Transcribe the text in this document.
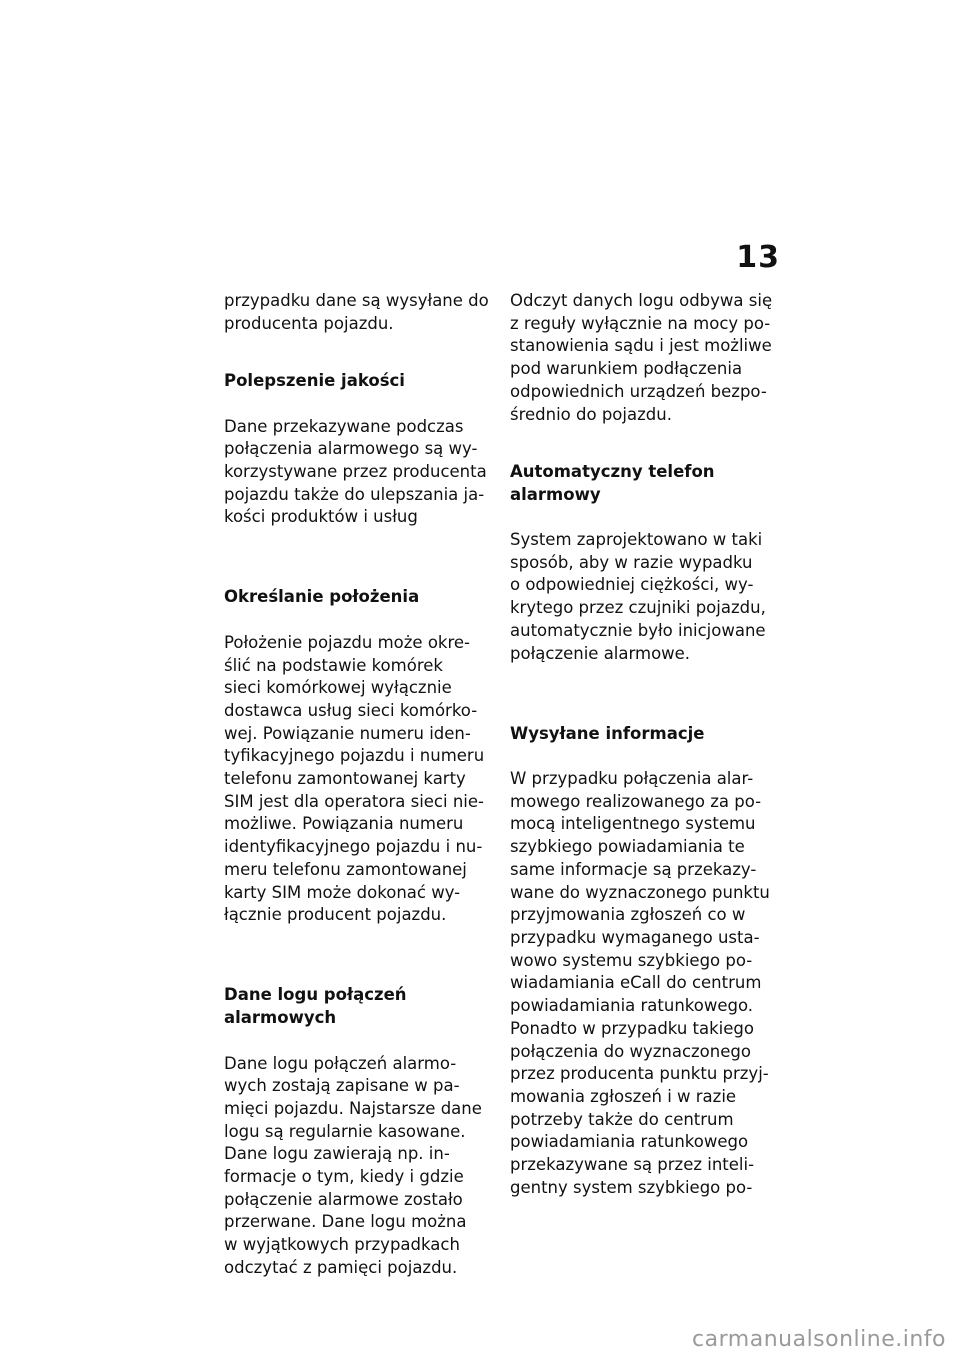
13

przypadku dane są wysyłane do
producenta pojazdu.

Polepszenie jakości

Dane przekazywane podczas
połączenia alarmowego są wy-
korzystywane przez producenta
pojazdu także do ulepszania ja-
kości produktów i usług

Określanie położenia

Położenie pojazdu może okre-
ślić na podstawie komórek
sieci komórkowej wyłącznie
dostawca usług sieci komórko-
wej. Powiązanie numeru iden-
tyfikacyjnego pojazdu i numeru
telefonu zamontowanej karty
SIM jest dla operatora sieci nie-
możliwe. Powiązania numeru
identyfikacyjnego pojazdu i nu-
meru telefonu zamontowanej
karty SIM może dokonać wy-
łącznie producent pojazdu.

Dane logu połączeń
alarmowych

Dane logu połączeń alarmo-
wych zostają zapisane w pa-
mięci pojazdu. Najstarsze dane
logu są regularnie kasowane.
Dane logu zawierają np. in-
formacje o tym, kiedy i gdzie
połączenie alarmowe zostało
przerwane. Dane logu można
w wyjątkowych przypadkach
odczytać z pamięci pojazdu.

Odczyt danych logu odbywa się
z reguły wyłącznie na mocy po-
stanowienia sądu i jest możliwe
pod warunkiem podłączenia
odpowiednich urządzeń bezpo-
średnio do pojazdu.

Automatyczny telefon
alarmowy

System zaprojektowano w taki
sposób, aby w razie wypadku
o odpowiedniej ciężkości, wy-
krytego przez czujniki pojazdu,
automatycznie było inicjowane
połączenie alarmowe.

Wysyłane informacje

W przypadku połączenia alar-
mowego realizowanego za po-
mocą inteligentnego systemu
szybkiego powiadamiania te
same informacje są przekazy-
wane do wyznaczonego punktu
przyjmowania zgłoszeń co w
przypadku wymaganego usta-
wowo systemu szybkiego po-
wiadamiania eCall do centrum
powiadamiania ratunkowego.
Ponadto w przypadku takiego
połączenia do wyznaczonego
przez producenta punktu przyj-
mowania zgłoszeń i w razie
potrzeby także do centrum
powiadamiania ratunkowego
przekazywane są przez inteli-
gentny system szybkiego po-

carmanualsonline.info
